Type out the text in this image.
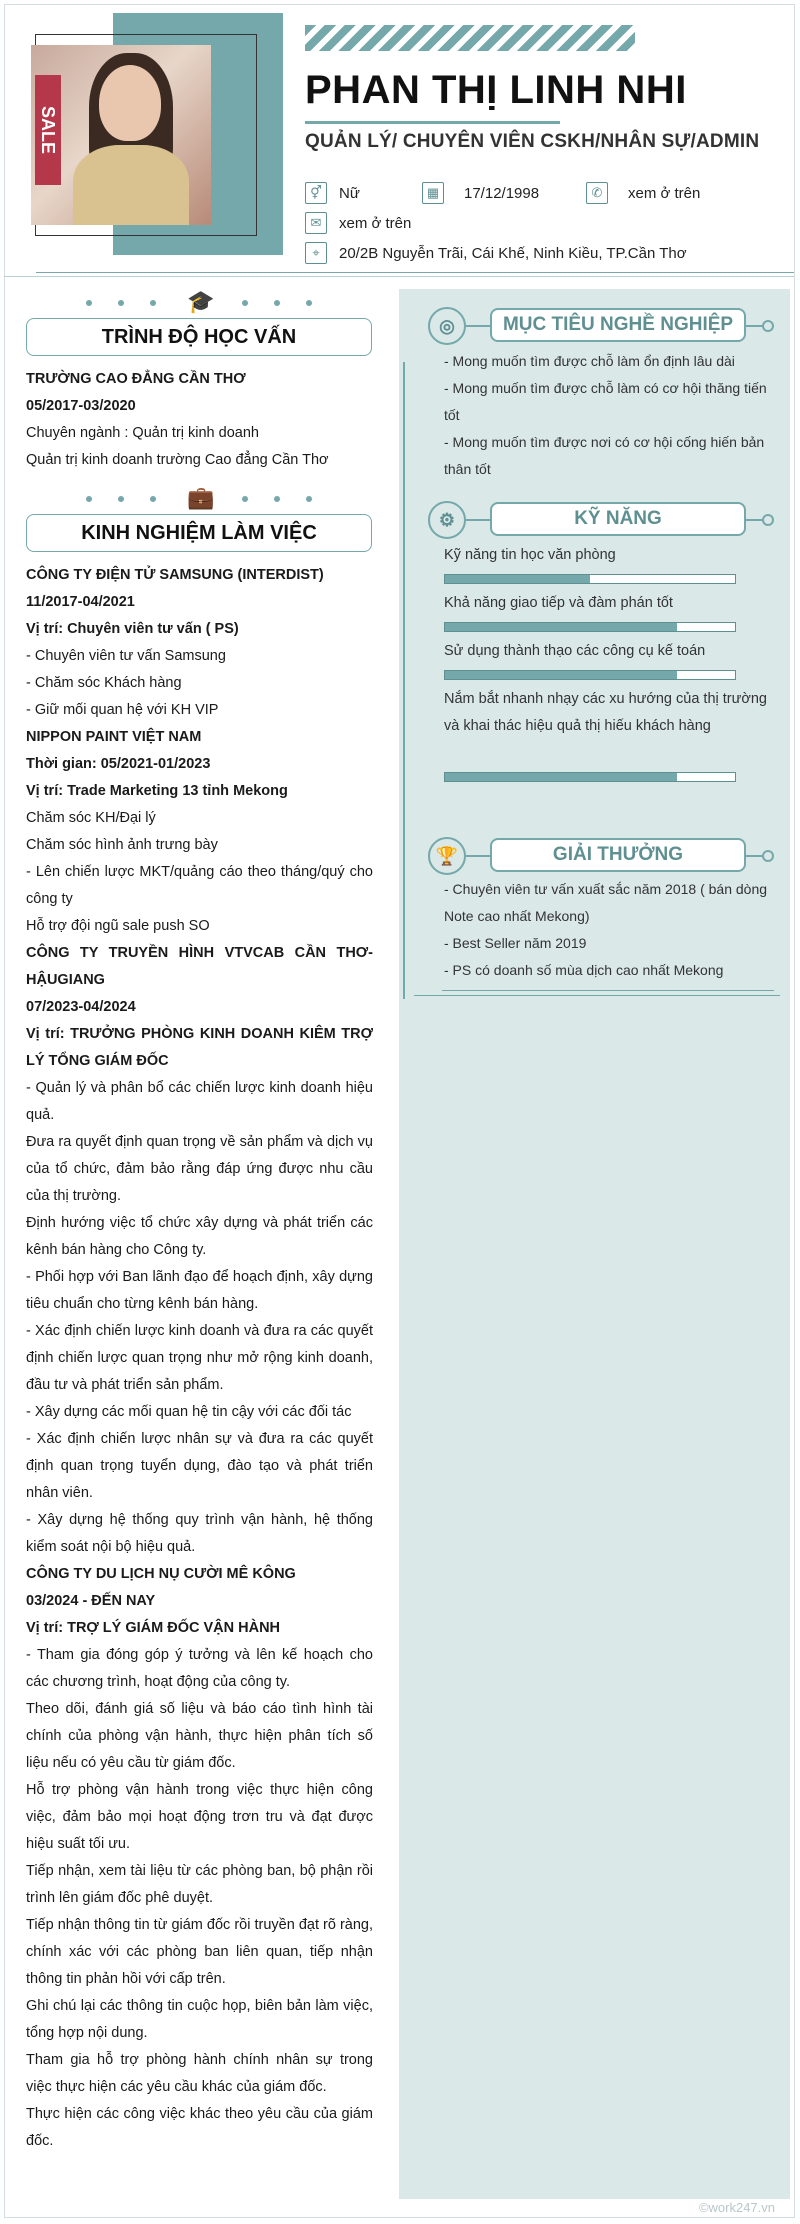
SALE
PHAN THỊ LINH NHI
QUẢN LÝ/ CHUYÊN VIÊN CSKH/NHÂN SỰ/ADMIN
⚥	Nữ	▦	17/12/1998	✆	xem ở trên
✉	xem ở trên
⌖	20/2B Nguyễn Trãi, Cái Khế, Ninh Kiều, TP.Cần Thơ
🎓
TRÌNH ĐỘ HỌC VẤN

TRƯỜNG CAO ĐẲNG CẦN THƠ

05/2017-03/2020

Chuyên ngành : Quản trị kinh doanh

Quản trị kinh doanh trường Cao đẳng Cần Thơ

💼
KINH NGHIỆM LÀM VIỆC

CÔNG TY ĐIỆN TỬ SAMSUNG (INTERDIST)

11/2017-04/2021

Vị trí: Chuyên viên tư vấn ( PS)

- Chuyên viên tư vấn Samsung

- Chăm sóc Khách hàng

- Giữ mối quan hệ với KH VIP

NIPPON PAINT VIỆT NAM

Thời gian: 05/2021-01/2023

Vị trí: Trade Marketing 13 tỉnh Mekong

Chăm sóc KH/Đại lý

Chăm sóc hình ảnh trưng bày

- Lên chiến lược MKT/quảng cáo theo tháng/quý cho công ty

Hỗ trợ đội ngũ sale push SO

CÔNG TY TRUYỀN HÌNH VTVCAB CẦN THƠ- HẬUGIANG

07/2023-04/2024

Vị trí: TRƯỞNG PHÒNG KINH DOANH KIÊM TRỢ LÝ TỔNG GIÁM ĐỐC

- Quản lý và phân bổ các chiến lược kinh doanh hiệu quả.

Đưa ra quyết định quan trọng về sản phẩm và dịch vụ của tổ chức, đảm bảo rằng đáp ứng được nhu cầu của thị trường.

Định hướng việc tổ chức xây dựng và phát triển các kênh bán hàng cho Công ty.

- Phối hợp với Ban lãnh đạo để hoạch định, xây dựng tiêu chuẩn cho từng kênh bán hàng.

- Xác định chiến lược kinh doanh và đưa ra các quyết định chiến lược quan trọng như mở rộng kinh doanh, đầu tư và phát triển sản phẩm.

- Xây dựng các mối quan hệ tin cậy với các đối tác

- Xác định chiến lược nhân sự và đưa ra các quyết định quan trọng tuyển dụng, đào tạo và phát triển nhân viên.

- Xây dựng hệ thống quy trình vận hành, hệ thống kiểm soát nội bộ hiệu quả.

CÔNG TY DU LỊCH NỤ CƯỜI MÊ KÔNG

03/2024 - ĐẾN NAY

Vị trí: TRỢ LÝ GIÁM ĐỐC VẬN HÀNH

- Tham gia đóng góp ý tưởng và lên kế hoạch cho các chương trình, hoạt động của công ty.

Theo dõi, đánh giá số liệu và báo cáo tình hình tài chính của phòng vận hành, thực hiện phân tích số liệu nếu có yêu cầu từ giám đốc.

Hỗ trợ phòng vận hành trong việc thực hiện công việc, đảm bảo mọi hoạt động trơn tru và đạt được hiệu suất tối ưu.

Tiếp nhận, xem tài liệu từ các phòng ban, bộ phận rồi trình lên giám đốc phê duyệt.

Tiếp nhận thông tin từ giám đốc rồi truyền đạt rõ ràng, chính xác với các phòng ban liên quan, tiếp nhận thông tin phản hồi với cấp trên.

Ghi chú lại các thông tin cuộc họp, biên bản làm việc, tổng hợp nội dung.

Tham gia hỗ trợ phòng hành chính nhân sự trong việc thực hiện các yêu cầu khác của giám đốc.

Thực hiện các công việc khác theo yêu cầu của giám đốc.

◎	MỤC TIÊU NGHỀ NGHIỆP

- Mong muốn tìm được chỗ làm ổn định lâu dài

- Mong muốn tìm được chỗ làm có cơ hội thăng tiến tốt

- Mong muốn tìm được nơi có cơ hội cống hiến bản thân tốt

⚙	KỸ NĂNG
Kỹ năng tin học văn phòng
Khả năng giao tiếp và đàm phán tốt
Sử dụng thành thạo các công cụ kế toán
Nắm bắt nhanh nhạy các xu hướng của thị trường và khai thác hiệu quả thị hiếu khách hàng
🏆	GIẢI THƯỞNG

- Chuyên viên tư vấn xuất sắc năm 2018 ( bán dòng Note cao nhất Mekong)

- Best Seller năm 2019

- PS có doanh số mùa dịch cao nhất Mekong

©work247.vn
